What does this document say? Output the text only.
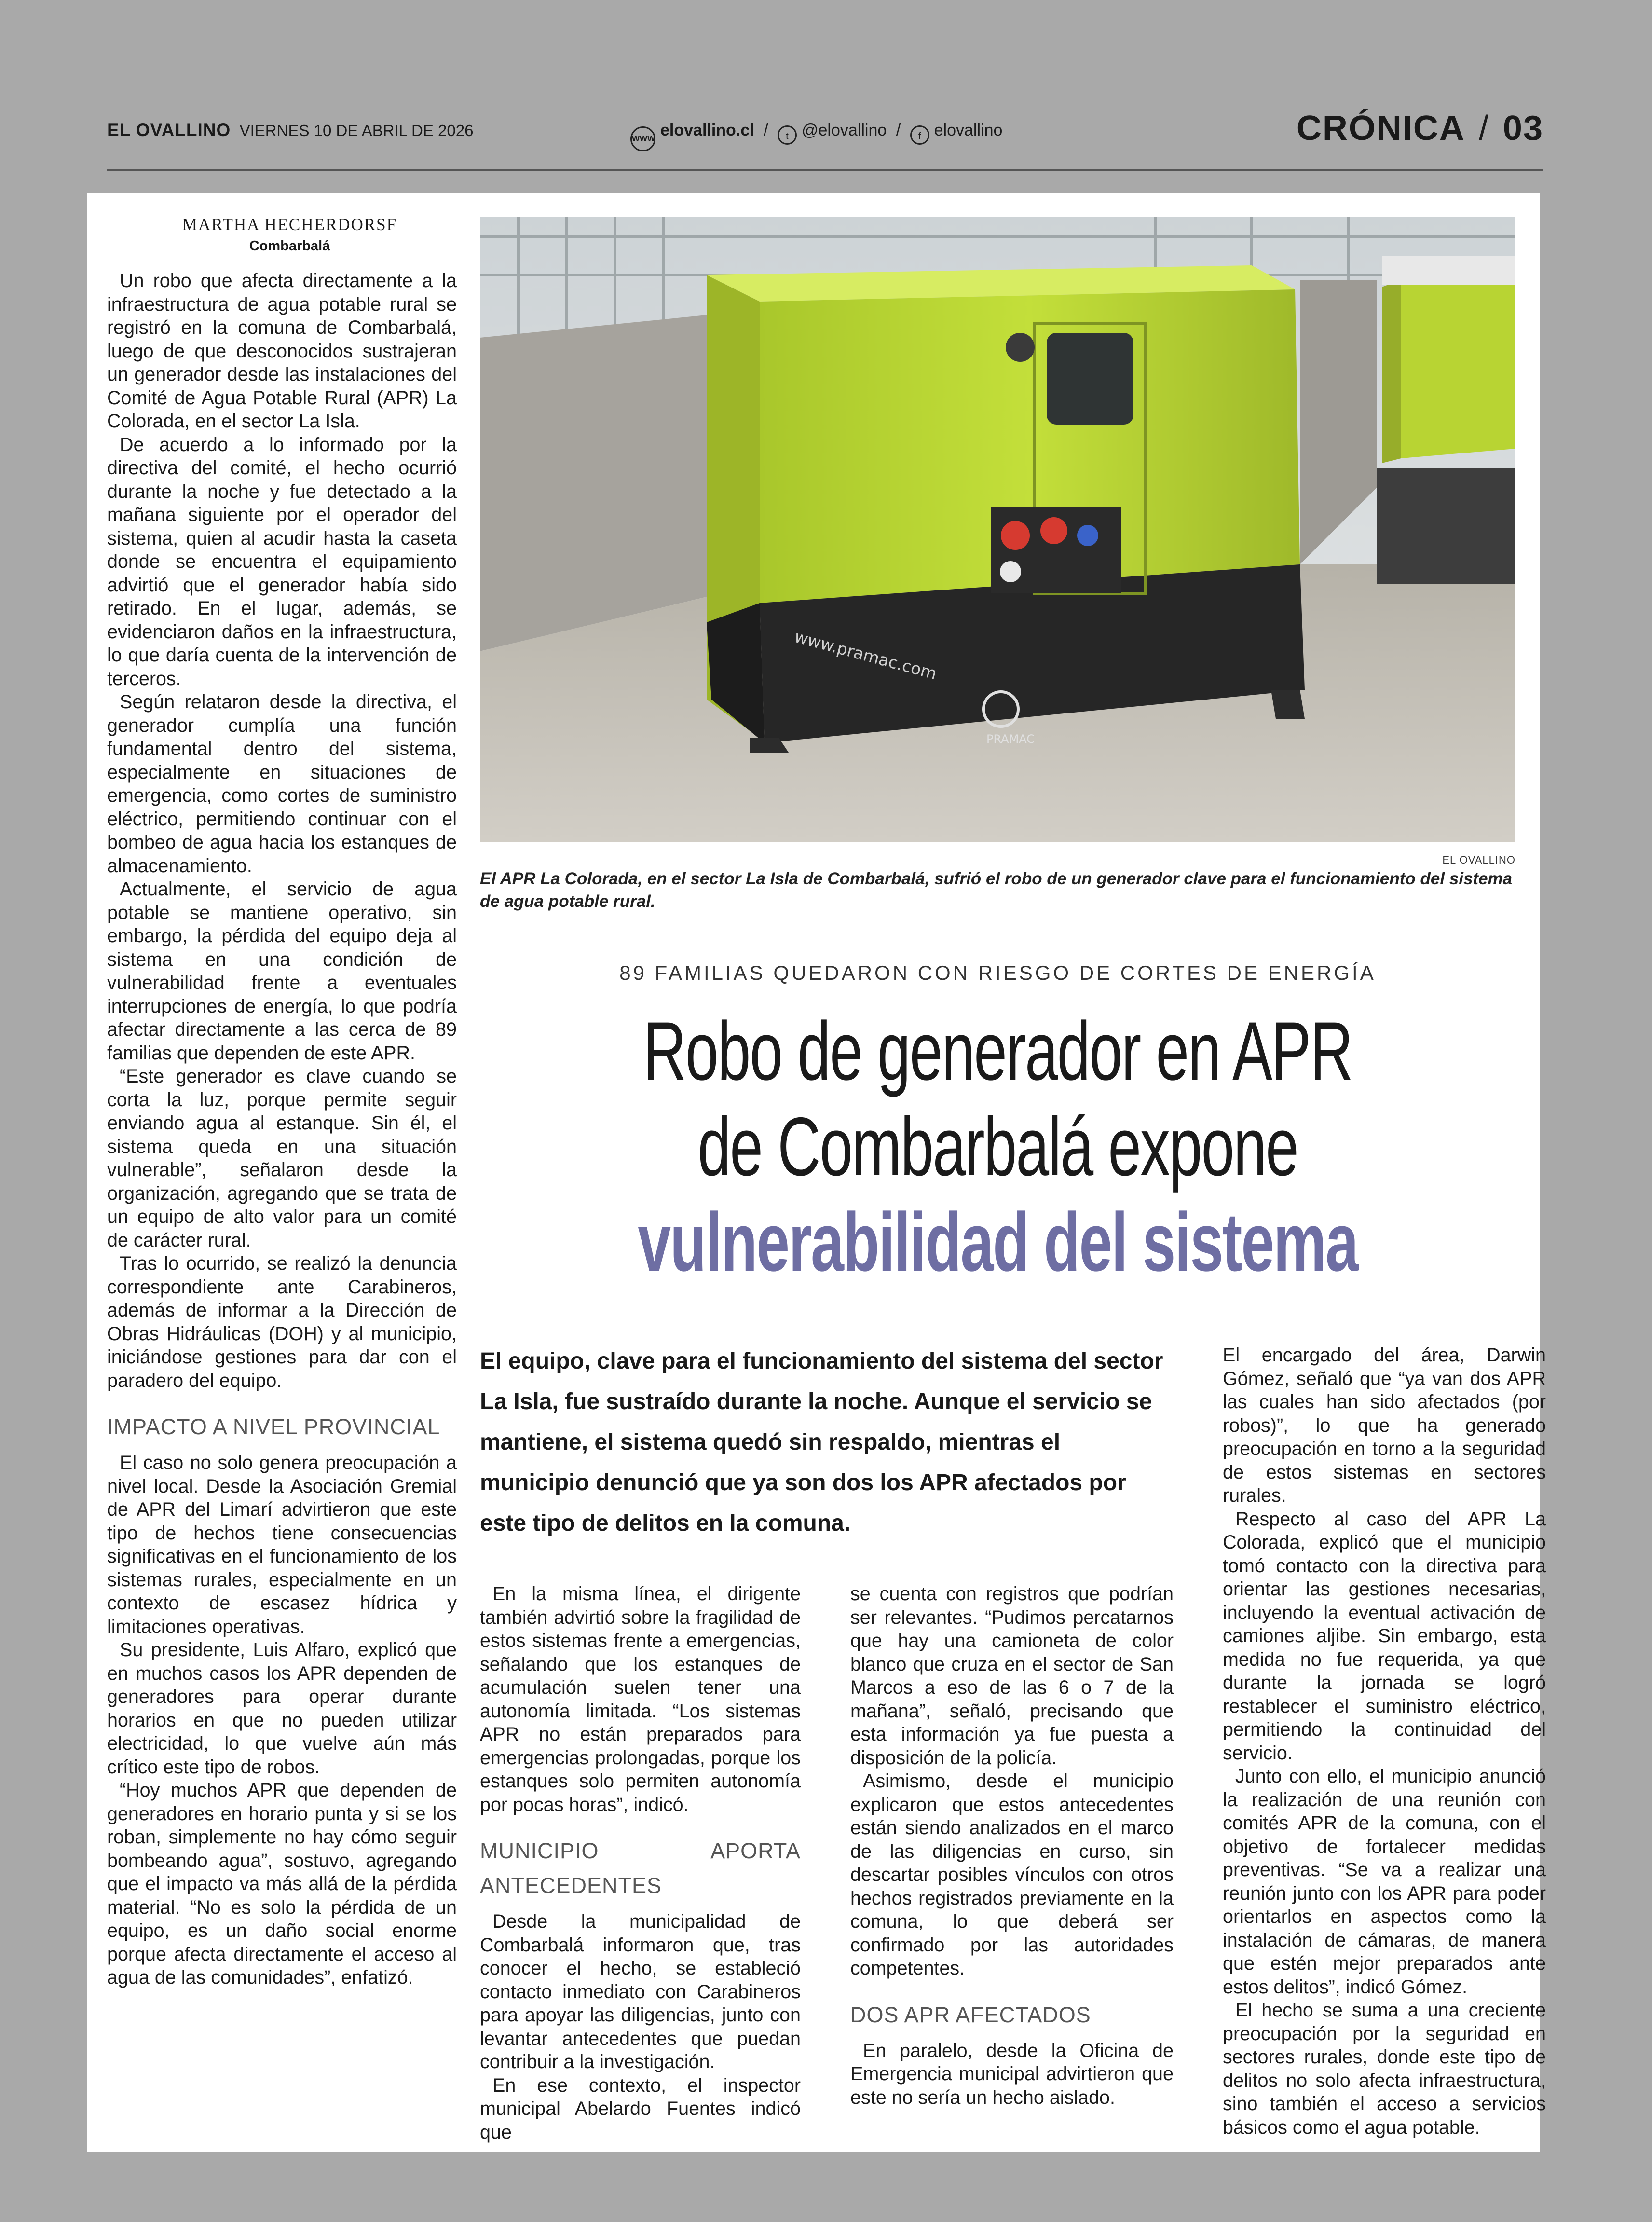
EL OVALLINO VIERNES 10 DE ABRIL DE 2026	WWW elovallino.cl / t @elovallino / f elovallino	CRÓNICA / 03
MARTHA HECHERDORSF
Combarbalá

Un robo que afecta directamente a la infraestructura de agua potable rural se registró en la comuna de Combarbalá, luego de que desconocidos sustrajeran un generador desde las instalaciones del Comité de Agua Potable Rural (APR) La Colorada, en el sector La Isla.

De acuerdo a lo informado por la directiva del comité, el hecho ocurrió durante la noche y fue detectado a la mañana siguiente por el operador del sistema, quien al acudir hasta la caseta donde se encuentra el equipamiento advirtió que el generador había sido retirado. En el lugar, además, se evidenciaron daños en la infraestructura, lo que daría cuenta de la intervención de terceros.

Según relataron desde la directiva, el generador cumplía una función fundamental dentro del sistema, especialmente en situaciones de emergencia, como cortes de suministro eléctrico, permitiendo continuar con el bombeo de agua hacia los estanques de almacenamiento.

Actualmente, el servicio de agua potable se mantiene operativo, sin embargo, la pérdida del equipo deja al sistema en una condición de vulnerabilidad frente a eventuales interrupciones de energía, lo que podría afectar directamente a las cerca de 89 familias que dependen de este APR.

“Este generador es clave cuando se corta la luz, porque permite seguir enviando agua al estanque. Sin él, el sistema queda en una situación vulnerable”, señalaron desde la organización, agregando que se trata de un equipo de alto valor para un comité de carácter rural.

Tras lo ocurrido, se realizó la denuncia correspondiente ante Carabineros, además de informar a la Dirección de Obras Hidráulicas (DOH) y al municipio, iniciándose gestiones para dar con el paradero del equipo.

IMPACTO A NIVEL PROVINCIAL

El caso no solo genera preocupación a nivel local. Desde la Asociación Gremial de APR del Limarí advirtieron que este tipo de hechos tiene consecuencias significativas en el funcionamiento de los sistemas rurales, especialmente en un contexto de escasez hídrica y limitaciones operativas.

Su presidente, Luis Alfaro, explicó que en muchos casos los APR dependen de generadores para operar durante horarios en que no pueden utilizar electricidad, lo que vuelve aún más crítico este tipo de robos.

“Hoy muchos APR que dependen de generadores en horario punta y si se los roban, simplemente no hay cómo seguir bombeando agua”, sostuvo, agregando que el impacto va más allá de la pérdida material. “No es solo la pérdida de un equipo, es un daño social enorme porque afecta directamente el acceso al agua de las comunidades”, enfatizó.

www.pramac.com
PRAMAC
EL OVALLINO
El APR La Colorada, en el sector La Isla de Combarbalá, sufrió el robo de un generador clave para el funcionamiento del sistema de agua potable rural.
89 FAMILIAS QUEDARON CON RIESGO DE CORTES DE ENERGÍA
Robo de generador en APR
de Combarbalá expone
vulnerabilidad del sistema
El equipo, clave para el funcionamiento del sistema del sector La Isla, fue sustraído durante la noche. Aunque el servicio se mantiene, el sistema quedó sin respaldo, mientras el municipio denunció que ya son dos los APR afectados por este tipo de delitos en la comuna.

En la misma línea, el dirigente también advirtió sobre la fragilidad de estos sistemas frente a emergencias, señalando que los estanques de acumulación suelen tener una autonomía limitada. “Los sistemas APR no están preparados para emergencias prolongadas, porque los estanques solo permiten autonomía por pocas horas”, indicó.

MUNICIPIO APORTA ANTECEDENTES

Desde la municipalidad de Combarbalá informaron que, tras conocer el hecho, se estableció contacto inmediato con Carabineros para apoyar las diligencias, junto con levantar antecedentes que puedan contribuir a la investigación.

En ese contexto, el inspector municipal Abelardo Fuentes indicó que

se cuenta con registros que podrían ser relevantes. “Pudimos percatarnos que hay una camioneta de color blanco que cruza en el sector de San Marcos a eso de las 6 o 7 de la mañana”, señaló, precisando que esta información ya fue puesta a disposición de la policía.

Asimismo, desde el municipio explicaron que estos antecedentes están siendo analizados en el marco de las diligencias en curso, sin descartar posibles vínculos con otros hechos registrados previamente en la comuna, lo que deberá ser confirmado por las autoridades competentes.

DOS APR AFECTADOS

En paralelo, desde la Oficina de Emergencia municipal advirtieron que este no sería un hecho aislado.

El encargado del área, Darwin Gómez, señaló que “ya van dos APR las cuales han sido afectados (por robos)”, lo que ha generado preocupación en torno a la seguridad de estos sistemas en sectores rurales.

Respecto al caso del APR La Colorada, explicó que el municipio tomó contacto con la directiva para orientar las gestiones necesarias, incluyendo la eventual activación de camiones aljibe. Sin embargo, esta medida no fue requerida, ya que durante la jornada se logró restablecer el suministro eléctrico, permitiendo la continuidad del servicio.

Junto con ello, el municipio anunció la realización de una reunión con comités APR de la comuna, con el objetivo de fortalecer medidas preventivas. “Se va a realizar una reunión junto con los APR para poder orientarlos en aspectos como la instalación de cámaras, de manera que estén mejor preparados ante estos delitos”, indicó Gómez.

El hecho se suma a una creciente preocupación por la seguridad en sectores rurales, donde este tipo de delitos no solo afecta infraestructura, sino también el acceso a servicios básicos como el agua potable.
